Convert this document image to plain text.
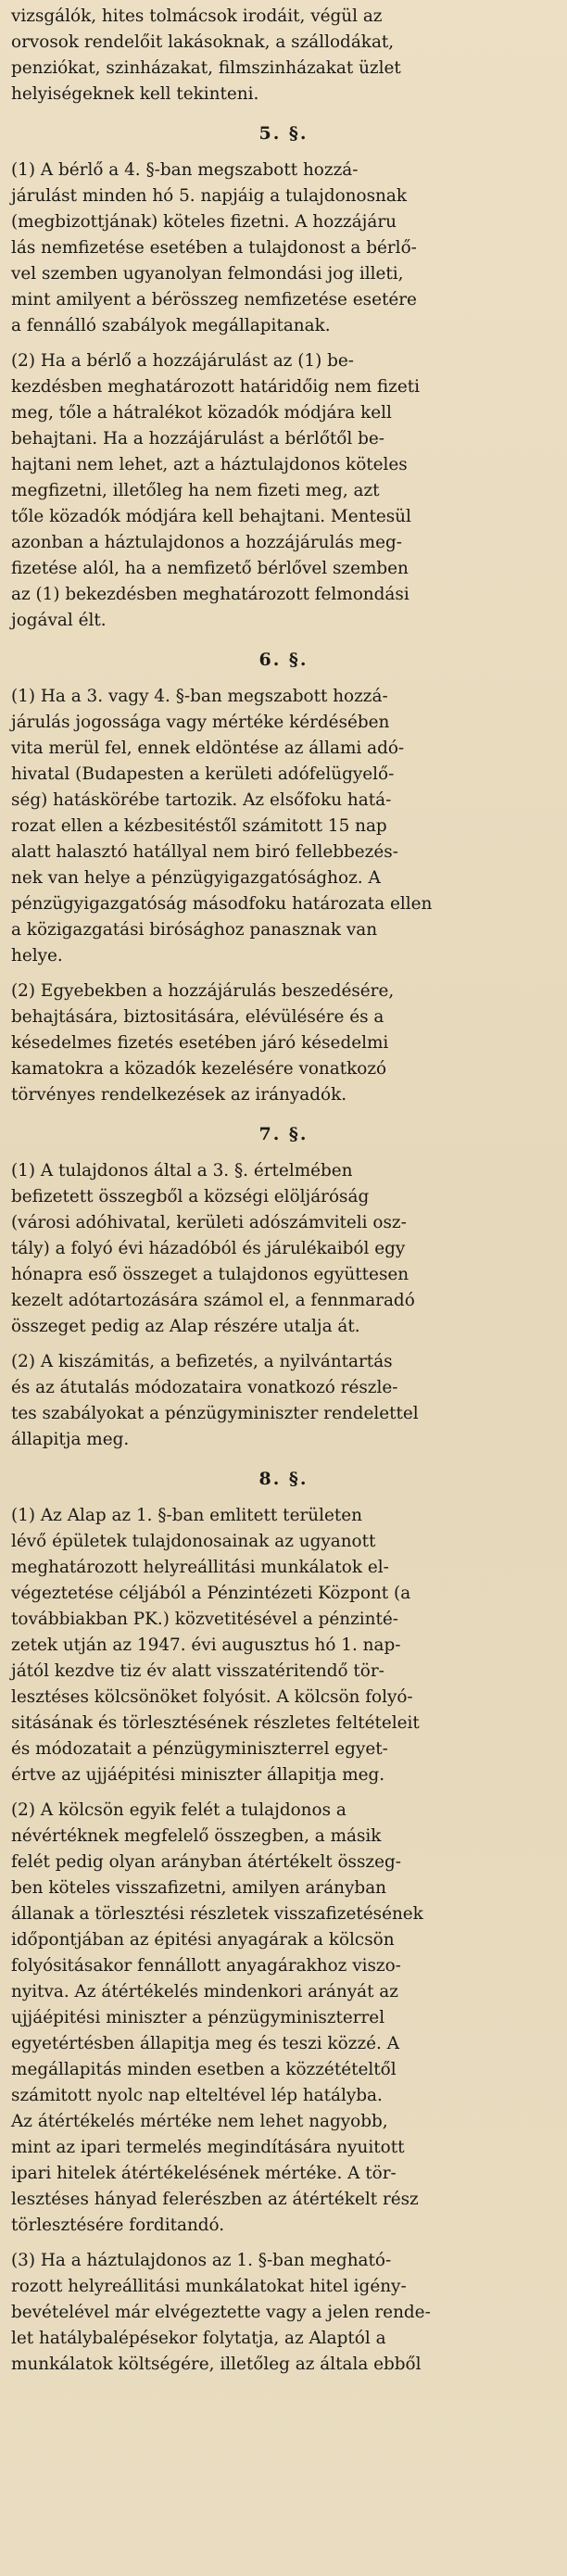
vizsgálók, hites tolmácsok irodáit, végül az
orvosok rendelőit lakásoknak, a szállodákat,
penziókat, szinházakat, filmszinházakat üzlet
helyiségeknek kell tekinteni.

5. §.

(1) A bérlő a 4. §-ban megszabott hozzá-
járulást minden hó 5. napjáig a tulajdonosnak
(megbizottjának) köteles fizetni. A hozzájáru
lás nemfizetése esetében a tulajdonost a bérlő-
vel szemben ugyanolyan felmondási jog illeti,
mint amilyent a bérösszeg nemfizetése esetére
a fennálló szabályok megállapitanak.

(2) Ha a bérlő a hozzájárulást az (1) be-
kezdésben meghatározott határidőig nem fizeti
meg, tőle a hátralékot közadók módjára kell
behajtani. Ha a hozzájárulást a bérlőtől be-
hajtani nem lehet, azt a háztulajdonos köteles
megfizetni, illetőleg ha nem fizeti meg, azt
tőle közadók módjára kell behajtani. Mentesül
azonban a háztulajdonos a hozzájárulás meg-
fizetése alól, ha a nemfizető bérlővel szemben
az (1) bekezdésben meghatározott felmondási
jogával élt.

6. §.

(1) Ha a 3. vagy 4. §-ban megszabott hozzá-
járulás jogossága vagy mértéke kérdésében
vita merül fel, ennek eldöntése az állami adó-
hivatal (Budapesten a kerületi adófelügyelő-
ség) hatáskörébe tartozik. Az elsőfoku hatá-
rozat ellen a kézbesitéstől számitott 15 nap
alatt halasztó hatállyal nem biró fellebbezés-
nek van helye a pénzügyigazgatósághoz. A
pénzügyigazgatóság másodfoku határozata ellen
a közigazgatási birósághoz panasznak van
helye.

(2) Egyebekben a hozzájárulás beszedésére,
behajtására, biztositására, elévülésére és a
késedelmes fizetés esetében járó késedelmi
kamatokra a közadók kezelésére vonatkozó
törvényes rendelkezések az irányadók.

7. §.

(1) A tulajdonos által a 3. §. értelmében
befizetett összegből a községi elöljáróság
(városi adóhivatal, kerületi adószámviteli osz-
tály) a folyó évi házadóból és járulékaiból egy
hónapra eső összeget a tulajdonos együttesen
kezelt adótartozására számol el, a fennmaradó
összeget pedig az Alap részére utalja át.

(2) A kiszámitás, a befizetés, a nyilvántartás
és az átutalás módozataira vonatkozó részle-
tes szabályokat a pénzügyminiszter rendelettel
állapitja meg.

8. §.

(1) Az Alap az 1. §-ban emlitett területen
lévő épületek tulajdonosainak az ugyanott
meghatározott helyreállitási munkálatok el-
végeztetése céljából a Pénzintézeti Központ (a
továbbiakban PK.) közvetitésével a pénzinté-
zetek utján az 1947. évi augusztus hó 1. nap-
jától kezdve tiz év alatt visszatéritendő tör-
lesztéses kölcsönöket folyósit. A kölcsön folyó-
sitásának és törlesztésének részletes feltételeit
és módozatait a pénzügyminiszterrel egyet-
értve az ujjáépitési miniszter állapitja meg.

(2) A kölcsön egyik felét a tulajdonos a
névértéknek megfelelő összegben, a másik
felét pedig olyan arányban átértékelt összeg-
ben köteles visszafizetni, amilyen arányban
állanak a törlesztési részletek visszafizetésének
időpontjában az épitési anyagárak a kölcsön
folyósitásakor fennállott anyagárakhoz viszo-
nyitva. Az átértékelés mindenkori arányát az
ujjáépitési miniszter a pénzügyminiszterrel
egyetértésben állapitja meg és teszi közzé. A
megállapitás minden esetben a közzétételtől
számitott nyolc nap elteltével lép hatályba.
Az átértékelés mértéke nem lehet nagyobb,
mint az ipari termelés megindítására nyuitott
ipari hitelek átértékelésének mértéke. A tör-
lesztéses hányad felerészben az átértékelt rész
törlesztésére forditandó.

(3) Ha a háztulajdonos az 1. §-ban megható-
rozott helyreállitási munkálatokat hitel igény-
bevételével már elvégeztette vagy a jelen rende-
let hatálybalépésekor folytatja, az Alaptól a
munkálatok költségére, illetőleg az általa ebből
